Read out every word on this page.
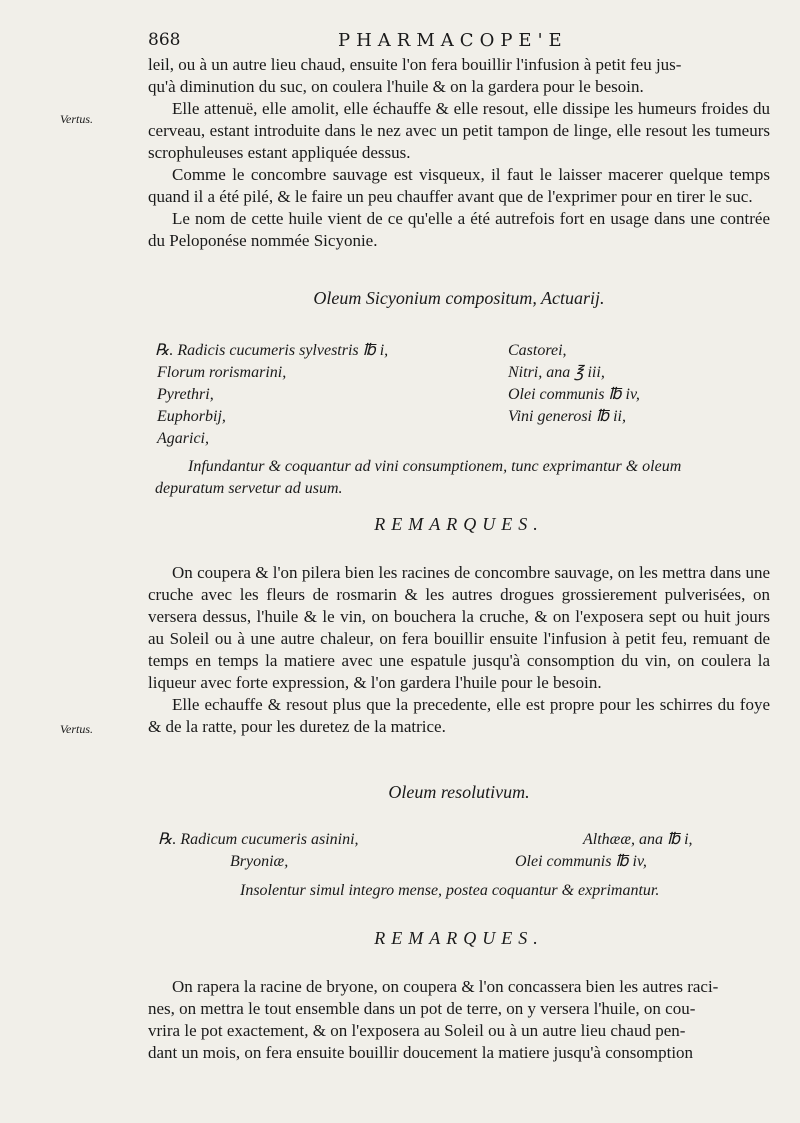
868	PHARMACOPE'E

leil, ou à un autre lieu chaud, ensuite l'on fera bouillir l'infusion à petit feu jus-

qu'à diminution du suc, on coulera l'huile & on la gardera pour le besoin.

Elle attenuë, elle amolit, elle échauffe & elle resout, elle dissipe les humeurs froides du cerveau, estant introduite dans le nez avec un petit tampon de linge, elle resout les tumeurs scrophuleuses estant appliquée dessus.

Comme le concombre sauvage est visqueux, il faut le laisser macerer quelque temps quand il a été pilé, & le faire un peu chauffer avant que de l'exprimer pour en tirer le suc.

Le nom de cette huile vient de ce qu'elle a été autrefois fort en usage dans une contrée du Peloponése nommée Sicyonie.

Vertus.
Oleum Sicyonium compositum, Actuarij.
℞. Radicis cucumeris sylvestris ℔ i,
Florum rorismarini,
Pyrethri,
Euphorbij,
Agarici,
Castorei,
Nitri, ana ℥ iii,
Olei communis ℔ iv,
Vini generosi ℔ ii,
Infundantur & coquantur ad vini consumptionem, tunc exprimantur & oleum
depuratum servetur ad usum.
REMARQUES.

On coupera & l'on pilera bien les racines de concombre sauvage, on les mettra dans une cruche avec les fleurs de rosmarin & les autres drogues grossierement pulverisées, on versera dessus, l'huile & le vin, on bouchera la cruche, & on l'exposera sept ou huit jours au Soleil ou à une autre chaleur, on fera bouillir ensuite l'infusion à petit feu, remuant de temps en temps la matiere avec une espatule jusqu'à consomption du vin, on coulera la liqueur avec forte expression, & l'on gardera l'huile pour le besoin.

Elle echauffe & resout plus que la precedente, elle est propre pour les schirres du foye & de la ratte, pour les duretez de la matrice.

Vertus.
Oleum resolutivum.
℞. Radicum cucumeris asinini,
Bryoniæ,
Althææ, ana ℔ i,
Olei communis ℔ iv,
Insolentur simul integro mense, postea coquantur & exprimantur.
REMARQUES.

On rapera la racine de bryone, on coupera & l'on concassera bien les autres raci-

nes, on mettra le tout ensemble dans un pot de terre, on y versera l'huile, on cou-

vrira le pot exactement, & on l'exposera au Soleil ou à un autre lieu chaud pen-

dant un mois, on fera ensuite bouillir doucement la matiere jusqu'à consomption
